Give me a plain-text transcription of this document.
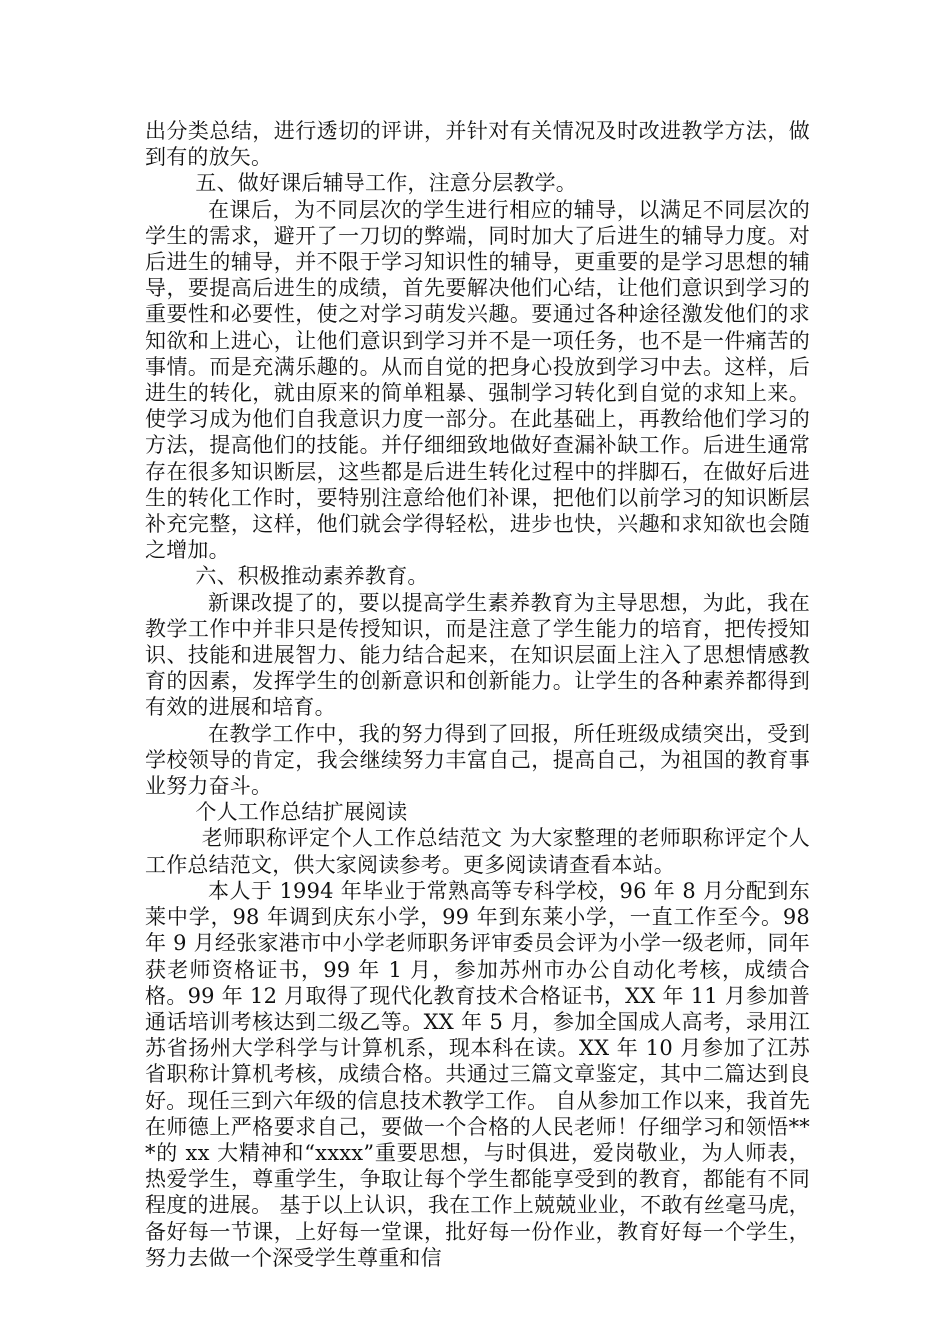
出分类总结，进行透切的评讲，并针对有关情况及时改进教学方法，做到有的放矢。

五、做好课后辅导工作，注意分层教学。

在课后，为不同层次的学生进行相应的辅导，以满足不同层次的学生的需求，避开了一刀切的弊端，同时加大了后进生的辅导力度。对后进生的辅导，并不限于学习知识性的辅导，更重要的是学习思想的辅导，要提高后进生的成绩，首先要解决他们心结，让他们意识到学习的重要性和必要性，使之对学习萌发兴趣。要通过各种途径激发他们的求知欲和上进心，让他们意识到学习并不是一项任务，也不是一件痛苦的事情。而是充满乐趣的。从而自觉的把身心投放到学习中去。这样，后进生的转化，就由原来的简单粗暴、强制学习转化到自觉的求知上来。使学习成为他们自我意识力度一部分。在此基础上，再教给他们学习的方法，提高他们的技能。并仔细细致地做好查漏补缺工作。后进生通常存在很多知识断层，这些都是后进生转化过程中的拌脚石，在做好后进生的转化工作时，要特别注意给他们补课，把他们以前学习的知识断层补充完整，这样，他们就会学得轻松，进步也快，兴趣和求知欲也会随之增加。

六、积极推动素养教育。

新课改提了的，要以提高学生素养教育为主导思想，为此，我在教学工作中并非只是传授知识，而是注意了学生能力的培育，把传授知识、技能和进展智力、能力结合起来，在知识层面上注入了思想情感教育的因素，发挥学生的创新意识和创新能力。让学生的各种素养都得到有效的进展和培育。

在教学工作中，我的努力得到了回报，所任班级成绩突出，受到学校领导的肯定，我会继续努力丰富自己，提高自己，为祖国的教育事业努力奋斗。

个人工作总结扩展阅读

老师职称评定个人工作总结范文 为大家整理的老师职称评定个人工作总结范文，供大家阅读参考。更多阅读请查看本站。

本人于 1994 年毕业于常熟高等专科学校，96 年 8 月分配到东莱中学，98 年调到庆东小学，99 年到东莱小学，一直工作至今。98 年 9 月经张家港市中小学老师职务评审委员会评为小学一级老师，同年获老师资格证书，99 年 1 月，参加苏州市办公自动化考核，成绩合格。99 年 12 月取得了现代化教育技术合格证书，XX 年 11 月参加普通话培训考核达到二级乙等。XX 年 5 月，参加全国成人高考，录用江苏省扬州大学科学与计算机系，现本科在读。XX 年 10 月参加了江苏省职称计算机考核，成绩合格。共通过三篇文章鉴定，其中二篇达到良好。现任三到六年级的信息技术教学工作。 自从参加工作以来，我首先在师德上严格要求自己，要做一个合格的人民老师！仔细学习和领悟***的 xx 大精神和“xxxx”重要思想，与时俱进，爱岗敬业，为人师表，热爱学生，尊重学生，争取让每个学生都能享受到的教育，都能有不同程度的进展。 基于以上认识，我在工作上兢兢业业，不敢有丝毫马虎，备好每一节课，上好每一堂课，批好每一份作业，教育好每一个学生，努力去做一个深受学生尊重和信
